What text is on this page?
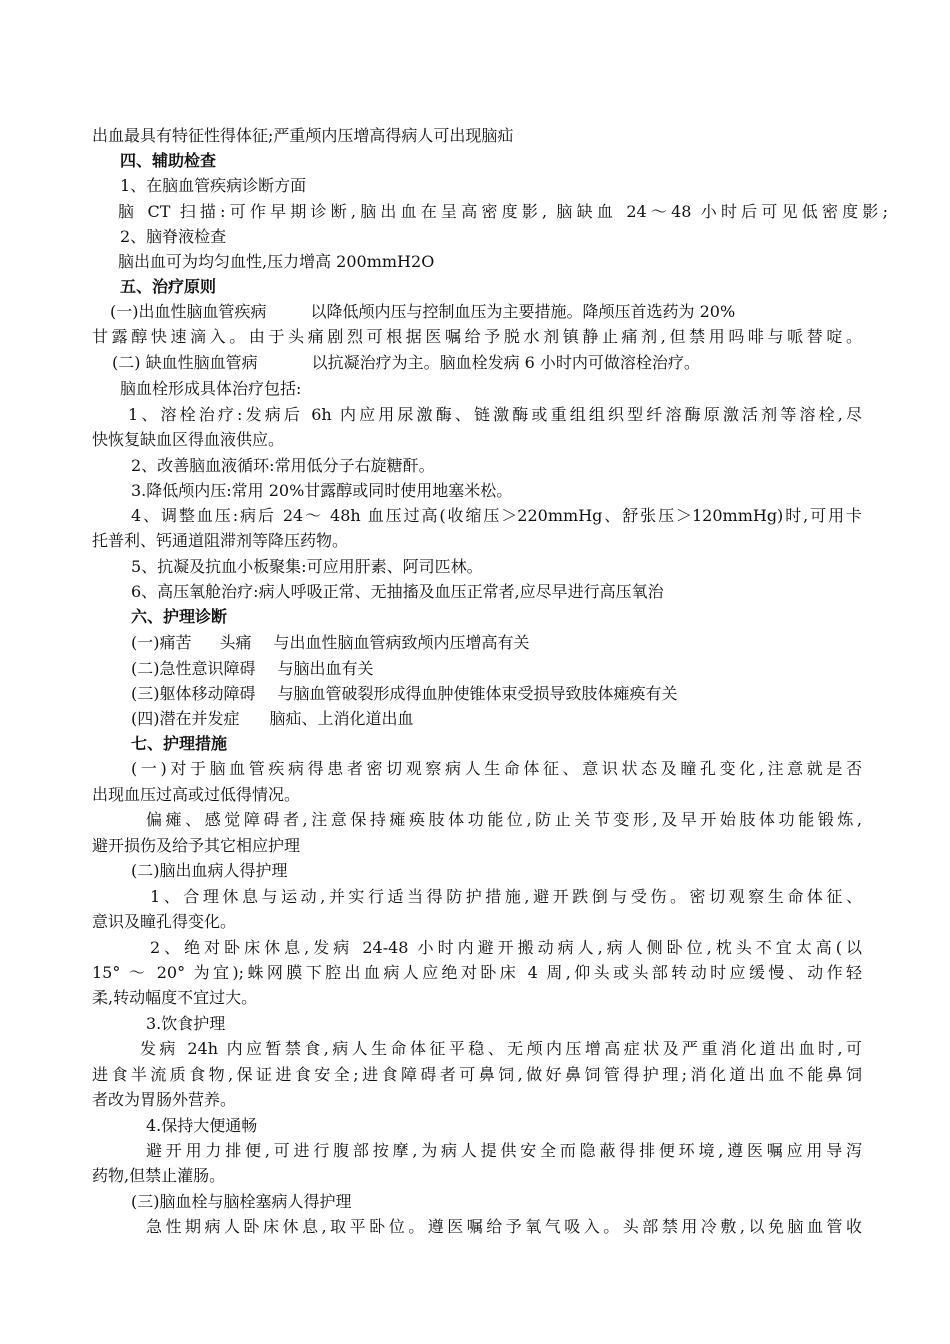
出血最具有特征性得体征;严重颅内压增高得病人可出现脑疝
四、辅助检查
1、在脑血管疾病诊断方面
脑 CT 扫描:可作早期诊断,脑出血在呈高密度影, 脑缺血 24～48 小时后可见低密度影;
2、脑脊液检查
脑出血可为均匀血性,压力增高 200mmH2O
五、治疗原则
(一)出血性脑血管疾病	以降低颅内压与控制血压为主要措施。降颅压首选药为 20%
甘露醇快速滴入。由于头痛剧烈可根据医嘱给予脱水剂镇静止痛剂,但禁用吗啡与哌替啶。
(二) 缺血性脑血管病	以抗凝治疗为主。脑血栓发病 6 小时内可做溶栓治疗。
脑血栓形成具体治疗包括:
1、溶栓治疗:发病后 6h 内应用尿激酶、链激酶或重组组织型纤溶酶原激活剂等溶栓,尽
快恢复缺血区得血液供应。
2、改善脑血液循环:常用低分子右旋糖酐。
3.降低颅内压:常用 20%甘露醇或同时使用地塞米松。
4、调整血压:病后 24～ 48h 血压过高(收缩压＞220mmHg、舒张压＞120mmHg)时,可用卡
托普利、钙通道阻滞剂等降压药物。
5、抗凝及抗血小板聚集:可应用肝素、阿司匹林。
6、高压氧舱治疗:病人呼吸正常、无抽搐及血压正常者,应尽早进行高压氧治
六、护理诊断
(一)痛苦 头痛 与出血性脑血管病致颅内压增高有关
(二)急性意识障碍 与脑出血有关
(三)躯体移动障碍 与脑血管破裂形成得血肿使锥体束受损导致肢体瘫痪有关
(四)潜在并发症 脑疝、上消化道出血
七、护理措施
(一)对于脑血管疾病得患者密切观察病人生命体征、意识状态及瞳孔变化,注意就是否
出现血压过高或过低得情况。
偏瘫、感觉障碍者,注意保持瘫痪肢体功能位,防止关节变形,及早开始肢体功能锻炼,
避开损伤及给予其它相应护理
(二)脑出血病人得护理
1、合理休息与运动,并实行适当得防护措施,避开跌倒与受伤。密切观察生命体征、
意识及瞳孔得变化。
2、绝对卧床休息,发病 24-48 小时内避开搬动病人,病人侧卧位,枕头不宜太高(以
15° ～ 20° 为宜);蛛网膜下腔出血病人应绝对卧床 4 周,仰头或头部转动时应缓慢、动作轻
柔,转动幅度不宜过大。
3.饮食护理
发病 24h 内应暂禁食,病人生命体征平稳、无颅内压增高症状及严重消化道出血时,可
进食半流质食物,保证进食安全;进食障碍者可鼻饲,做好鼻饲管得护理;消化道出血不能鼻饲
者改为胃肠外营养。
4.保持大便通畅
避开用力排便,可进行腹部按摩,为病人提供安全而隐蔽得排便环境,遵医嘱应用导泻
药物,但禁止灌肠。
(三)脑血栓与脑栓塞病人得护理
急性期病人卧床休息,取平卧位。遵医嘱给予氧气吸入。头部禁用冷敷,以免脑血管收
